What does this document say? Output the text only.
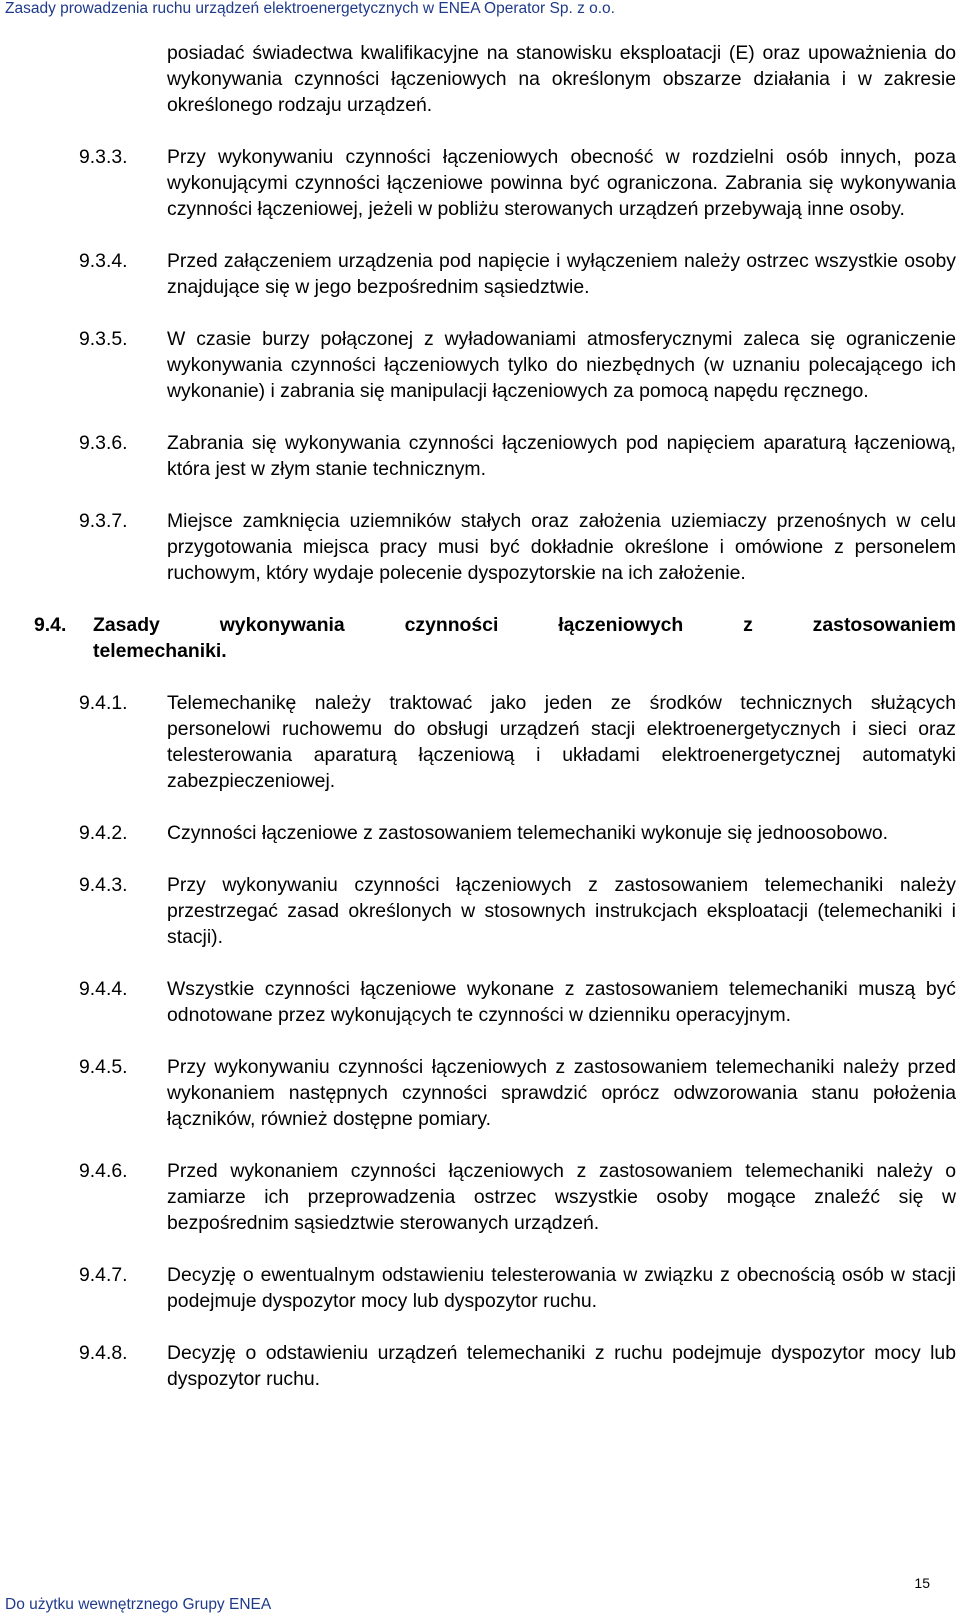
Zasady prowadzenia ruchu urządzeń elektroenergetycznych w ENEA Operator Sp. z o.o.
posiadać świadectwa kwalifikacyjne na stanowisku eksploatacji (E) oraz upoważnienia do wykonywania czynności łączeniowych na określonym obszarze działania i w zakresie określonego rodzaju urządzeń.
9.3.3. Przy wykonywaniu czynności łączeniowych obecność w rozdzielni osób innych, poza wykonującymi czynności łączeniowe powinna być ograniczona. Zabrania się wykonywania czynności łączeniowej, jeżeli w pobliżu sterowanych urządzeń przebywają inne osoby.
9.3.4. Przed załączeniem urządzenia pod napięcie i wyłączeniem należy ostrzec wszystkie osoby znajdujące się w jego bezpośrednim sąsiedztwie.
9.3.5. W czasie burzy połączonej z wyładowaniami atmosferycznymi zaleca się ograniczenie wykonywania czynności łączeniowych tylko do niezbędnych (w uznaniu polecającego ich wykonanie) i zabrania się manipulacji łączeniowych za pomocą napędu ręcznego.
9.3.6. Zabrania się wykonywania czynności łączeniowych pod napięciem aparaturą łączeniową, która jest w złym stanie technicznym.
9.3.7. Miejsce zamknięcia uziemników stałych oraz założenia uziemiaczy przenośnych w celu przygotowania miejsca pracy musi być dokładnie określone i omówione z personelem ruchowym, który wydaje polecenie dyspozytorskie na ich założenie.
9.4. Zasady wykonywania czynności łączeniowych z zastosowaniem
telemechaniki.
9.4.1. Telemechanikę należy traktować jako jeden ze środków technicznych służących personelowi ruchowemu do obsługi urządzeń stacji elektroenergetycznych i sieci oraz telesterowania aparaturą łączeniową i układami elektroenergetycznej automatyki zabezpieczeniowej.
9.4.2. Czynności łączeniowe z zastosowaniem telemechaniki wykonuje się jednoosobowo.
9.4.3. Przy wykonywaniu czynności łączeniowych z zastosowaniem telemechaniki należy przestrzegać zasad określonych w stosownych instrukcjach eksploatacji (telemechaniki i stacji).
9.4.4. Wszystkie czynności łączeniowe wykonane z zastosowaniem telemechaniki muszą być odnotowane przez wykonujących te czynności w dzienniku operacyjnym.
9.4.5. Przy wykonywaniu czynności łączeniowych z zastosowaniem telemechaniki należy przed wykonaniem następnych czynności sprawdzić oprócz odwzorowania stanu położenia łączników, również dostępne pomiary.
9.4.6. Przed wykonaniem czynności łączeniowych z zastosowaniem telemechaniki należy o zamiarze ich przeprowadzenia ostrzec wszystkie osoby mogące znaleźć się w bezpośrednim sąsiedztwie sterowanych urządzeń.
9.4.7. Decyzję o ewentualnym odstawieniu telesterowania w związku z obecnością osób w stacji podejmuje dyspozytor mocy lub dyspozytor ruchu.
9.4.8. Decyzję o odstawieniu urządzeń telemechaniki z ruchu podejmuje dyspozytor mocy lub dyspozytor ruchu.
15
Do użytku wewnętrznego Grupy ENEA
